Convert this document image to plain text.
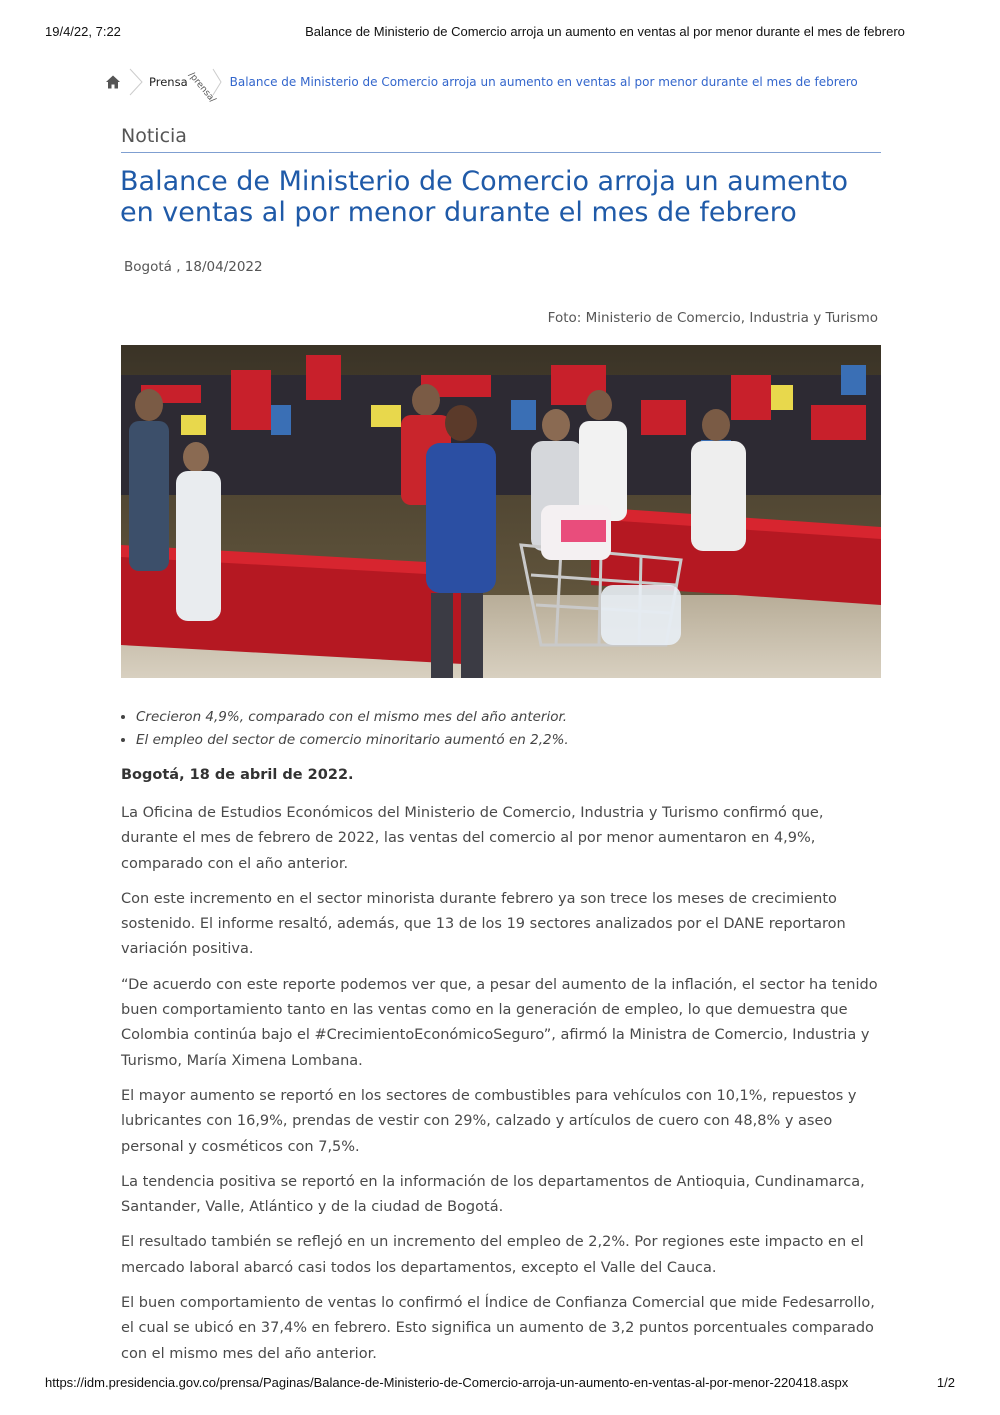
19/4/22, 7:22	Balance de Ministerio de Comercio arroja un aumento en ventas al por menor durante el mes de febrero
Prensa
/prensa/ Balance de Ministerio de Comercio arroja un aumento en ventas al por menor durante el mes de febrero
Noticia
Balance de Ministerio de Comercio arroja un aumento en ventas al por menor durante el mes de febrero
Bogotá , 18/04/2022
Foto: Ministerio de Comercio, Industria y Turismo
• Crecieron 4,9%, comparado con el mismo mes del año anterior.
• El empleo del sector de comercio minoritario aumentó en 2,2%.
Bogotá, 18 de abril de 2022.

La Oficina de Estudios Económicos del Ministerio de Comercio, Industria y Turismo confirmó que, durante el mes de febrero de 2022, las ventas del comercio al por menor aumentaron en 4,9%, comparado con el año anterior.

Con este incremento en el sector minorista durante febrero ya son trece los meses de crecimiento sostenido. El informe resaltó, además, que 13 de los 19 sectores analizados por el DANE reportaron variación positiva.

“De acuerdo con este reporte podemos ver que, a pesar del aumento de la inflación, el sector ha tenido buen comportamiento tanto en las ventas como en la generación de empleo, lo que demuestra que Colombia continúa bajo el #CrecimientoEconómicoSeguro”, afirmó la Ministra de Comercio, Industria y Turismo, María Ximena Lombana.

El mayor aumento se reportó en los sectores de combustibles para vehículos con 10,1%, repuestos y lubricantes con 16,9%, prendas de vestir con 29%, calzado y artículos de cuero con 48,8% y aseo personal y cosméticos con 7,5%.

La tendencia positiva se reportó en la información de los departamentos de Antioquia, Cundinamarca, Santander, Valle, Atlántico y de la ciudad de Bogotá.

El resultado también se reflejó en un incremento del empleo de 2,2%. Por regiones este impacto en el mercado laboral abarcó casi todos los departamentos, excepto el Valle del Cauca.

El buen comportamiento de ventas lo confirmó el Índice de Confianza Comercial que mide Fedesarrollo, el cual se ubicó en 37,4% en febrero. Esto significa un aumento de 3,2 puntos porcentuales comparado con el mismo mes del año anterior.

https://idm.presidencia.gov.co/prensa/Paginas/Balance-de-Ministerio-de-Comercio-arroja-un-aumento-en-ventas-al-por-menor-220418.aspx	1/2
